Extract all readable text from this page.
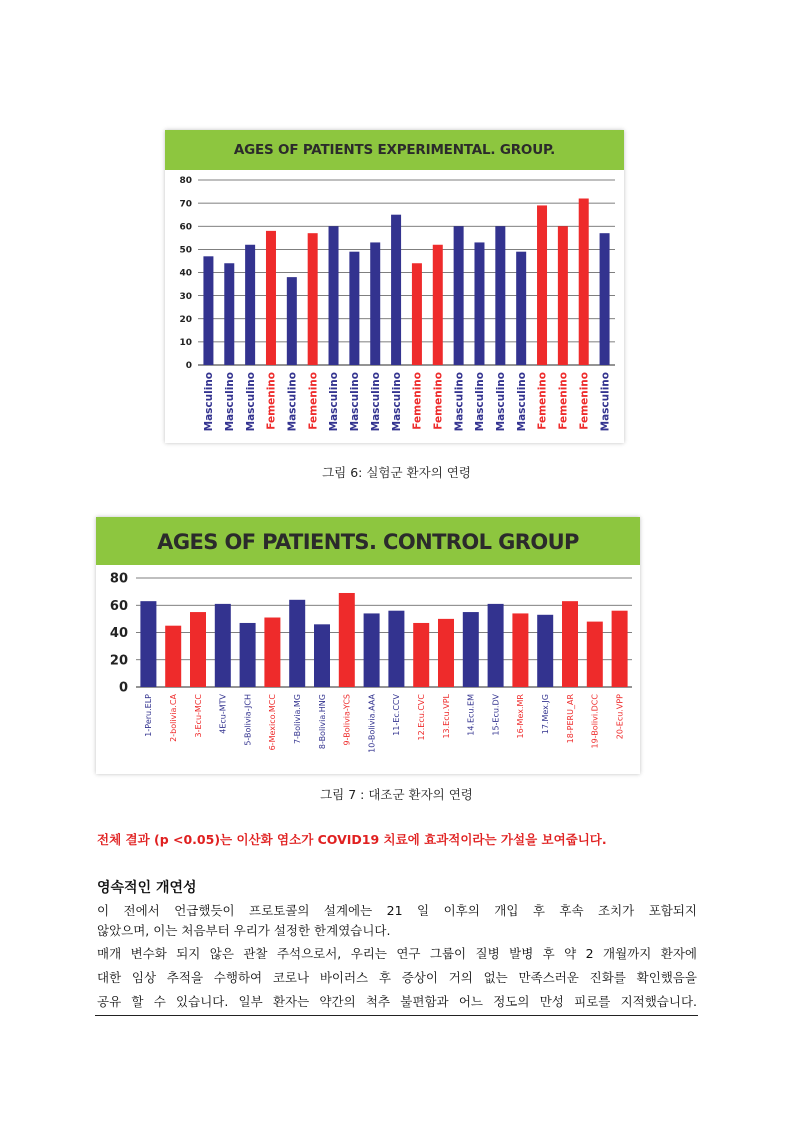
AGES OF PATIENTS EXPERIMENTAL. GROUP.
0
10
20
30
40
50
60
70
80
Masculino Masculino Masculino Femenino Masculino Femenino Masculino Masculino Masculino Masculino Femenino Femenino Masculino Masculino Masculino Masculino Femenino Femenino Femenino Masculino
그림 6: 실험군 환자의 연령
AGES OF PATIENTS. CONTROL GROUP
0
20
40
60
80
1-Peru.ELP 2-bolivia.CA 3-Ecu-MCC 4Ecu-MTV 5-Bolivia-JCH 6-Mexico.MCC 7-Bolivia.MG 8-Bolivia.HNG 9-Bolivia-YCS 10-Bolivia.AAA 11-Ec.CCV 12.Ecu.CVC 13.Ecu.VPL 14.Ecu.EM 15-Ecu.DV 16-Mex.MR 17.Mex.JG 18-PERU_AR 19-Bolivi.DCC 20-Ecu.VPP
그림 7 : 대조군 환자의 연령
전체 결과 (p <0.05)는 이산화 염소가 COVID19 치료에 효과적이라는 가설을 보여줍니다.
영속적인 개연성
이 전에서 언급했듯이 프로토콜의 설계에는 21 일 이후의 개입 후 후속 조치가 포함되지
않았으며, 이는 처음부터 우리가 설정한 한계였습니다.
매개 변수화 되지 않은 관찰 주석으로서, 우리는 연구 그룹이 질병 발병 후 약 2 개월까지 환자에
대한 임상 추적을 수행하여 코로나 바이러스 후 증상이 거의 없는 만족스러운 진화를 확인했음을
공유 할 수 있습니다. 일부 환자는 약간의 척추 불편함과 어느 정도의 만성 피로를 지적했습니다.
